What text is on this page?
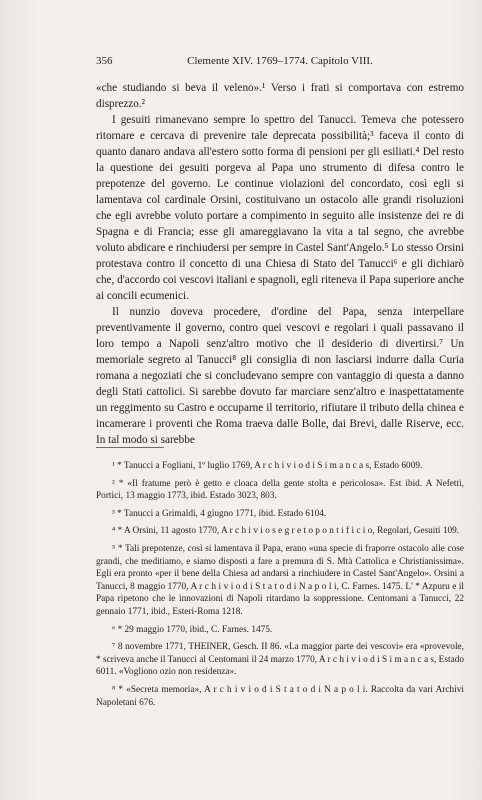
356	Clemente XIV. 1769–1774. Capitolo VIII.

«che studiando si beva il veleno».¹ Verso i frati si comportava con estremo disprezzo.²

I gesuiti rimanevano sempre lo spettro del Tanucci. Temeva che potessero ritornare e cercava di prevenire tale deprecata possibilità;³ faceva il conto di quanto danaro andava all'estero sotto forma di pensioni per gli esiliati.⁴ Del resto la questione dei gesuiti porgeva al Papa uno strumento di difesa contro le prepotenze del governo. Le continue violazioni del concordato, così egli si lamentava col cardinale Orsini, costituivano un ostacolo alle grandi risoluzioni che egli avrebbe voluto portare a compimento in seguito alle insistenze dei re di Spagna e di Francia; esse gli amareggiavano la vita a tal segno, che avrebbe voluto abdicare e rinchiudersi per sempre in Castel Sant'Angelo.⁵ Lo stesso Orsini protestava contro il concetto di una Chiesa di Stato del Tanucci⁶ e gli dichiarò che, d'accordo coi vescovi italiani e spagnoli, egli riteneva il Papa superiore anche ai concili ecumenici.

Il nunzio doveva procedere, d'ordine del Papa, senza interpellare preventivamente il governo, contro quei vescovi e regolari i quali passavano il loro tempo a Napoli senz'altro motivo che il desiderio di divertirsi.⁷ Un memoriale segreto al Tanucci⁸ gli consiglia di non lasciarsi indurre dalla Curia romana a negoziati che si concludevano sempre con vantaggio di questa a danno degli Stati cattolici. Si sarebbe dovuto far marciare senz'altro e inaspettatamente un reggimento su Castro e occuparne il territorio, rifiutare il tributo della chinea e incamerare i proventi che Roma traeva dalle Bolle, dai Brevi, dalle Riserve, ecc. In tal modo si sarebbe

¹ * Tanucci a Fogliani, 1º luglio 1769, A r c h i v i o d i S i m a n c a s, Estado 6009.

² * «Il fratume però è getto e cloaca della gente stolta e pericolosa». Est ibid. A Nefetti, Portici, 13 maggio 1773, ibid. Estado 3023, 803.

³ * Tanucci a Grimaldi, 4 giugno 1771, ibid. Estado 6104.

⁴ * A Orsini, 11 agosto 1770, A r c h i v i o s e g r e t o p o n t i f i c i o, Regolari, Gesuiti 109.

⁵ * Tali prepotenze, così si lamentava il Papa, erano «una specie di fraporre ostacolo alle cose grandi, che meditiamo, e siamo disposti a fare a premura di S. Mtà Cattolica e Christianissima». Egli era pronto «per il bene della Chiesa ad andarsi a rinchiudere in Castel Sant'Angelo». Orsini a Tanucci, 8 maggio 1770, A r c h i v i o d i S t a t o d i N a p o l i, C. Farnes. 1475. L' * Azpuru e il Papa ripetono che le innovazioni di Napoli ritardano la soppressione. Centomani a Tanucci, 22 gennaio 1771, ibid., Esteri-Roma 1218.

⁶ * 29 maggio 1770, ibid., C. Farnes. 1475.

⁷ 8 novembre 1771, THEINER, Gesch. II 86. «La maggior parte dei vescovi» era «provevole, * scriveva anche il Tanucci al Centomani il 24 marzo 1770, A r c h i v i o d i S i m a n c a s, Estado 6011. «Vogliono ozio non residenza».

⁸ * «Secreta memoria», A r c h i v i o d i S t a t o d i N a p o l i. Raccolta da vari Archivi Napoletani 676.
